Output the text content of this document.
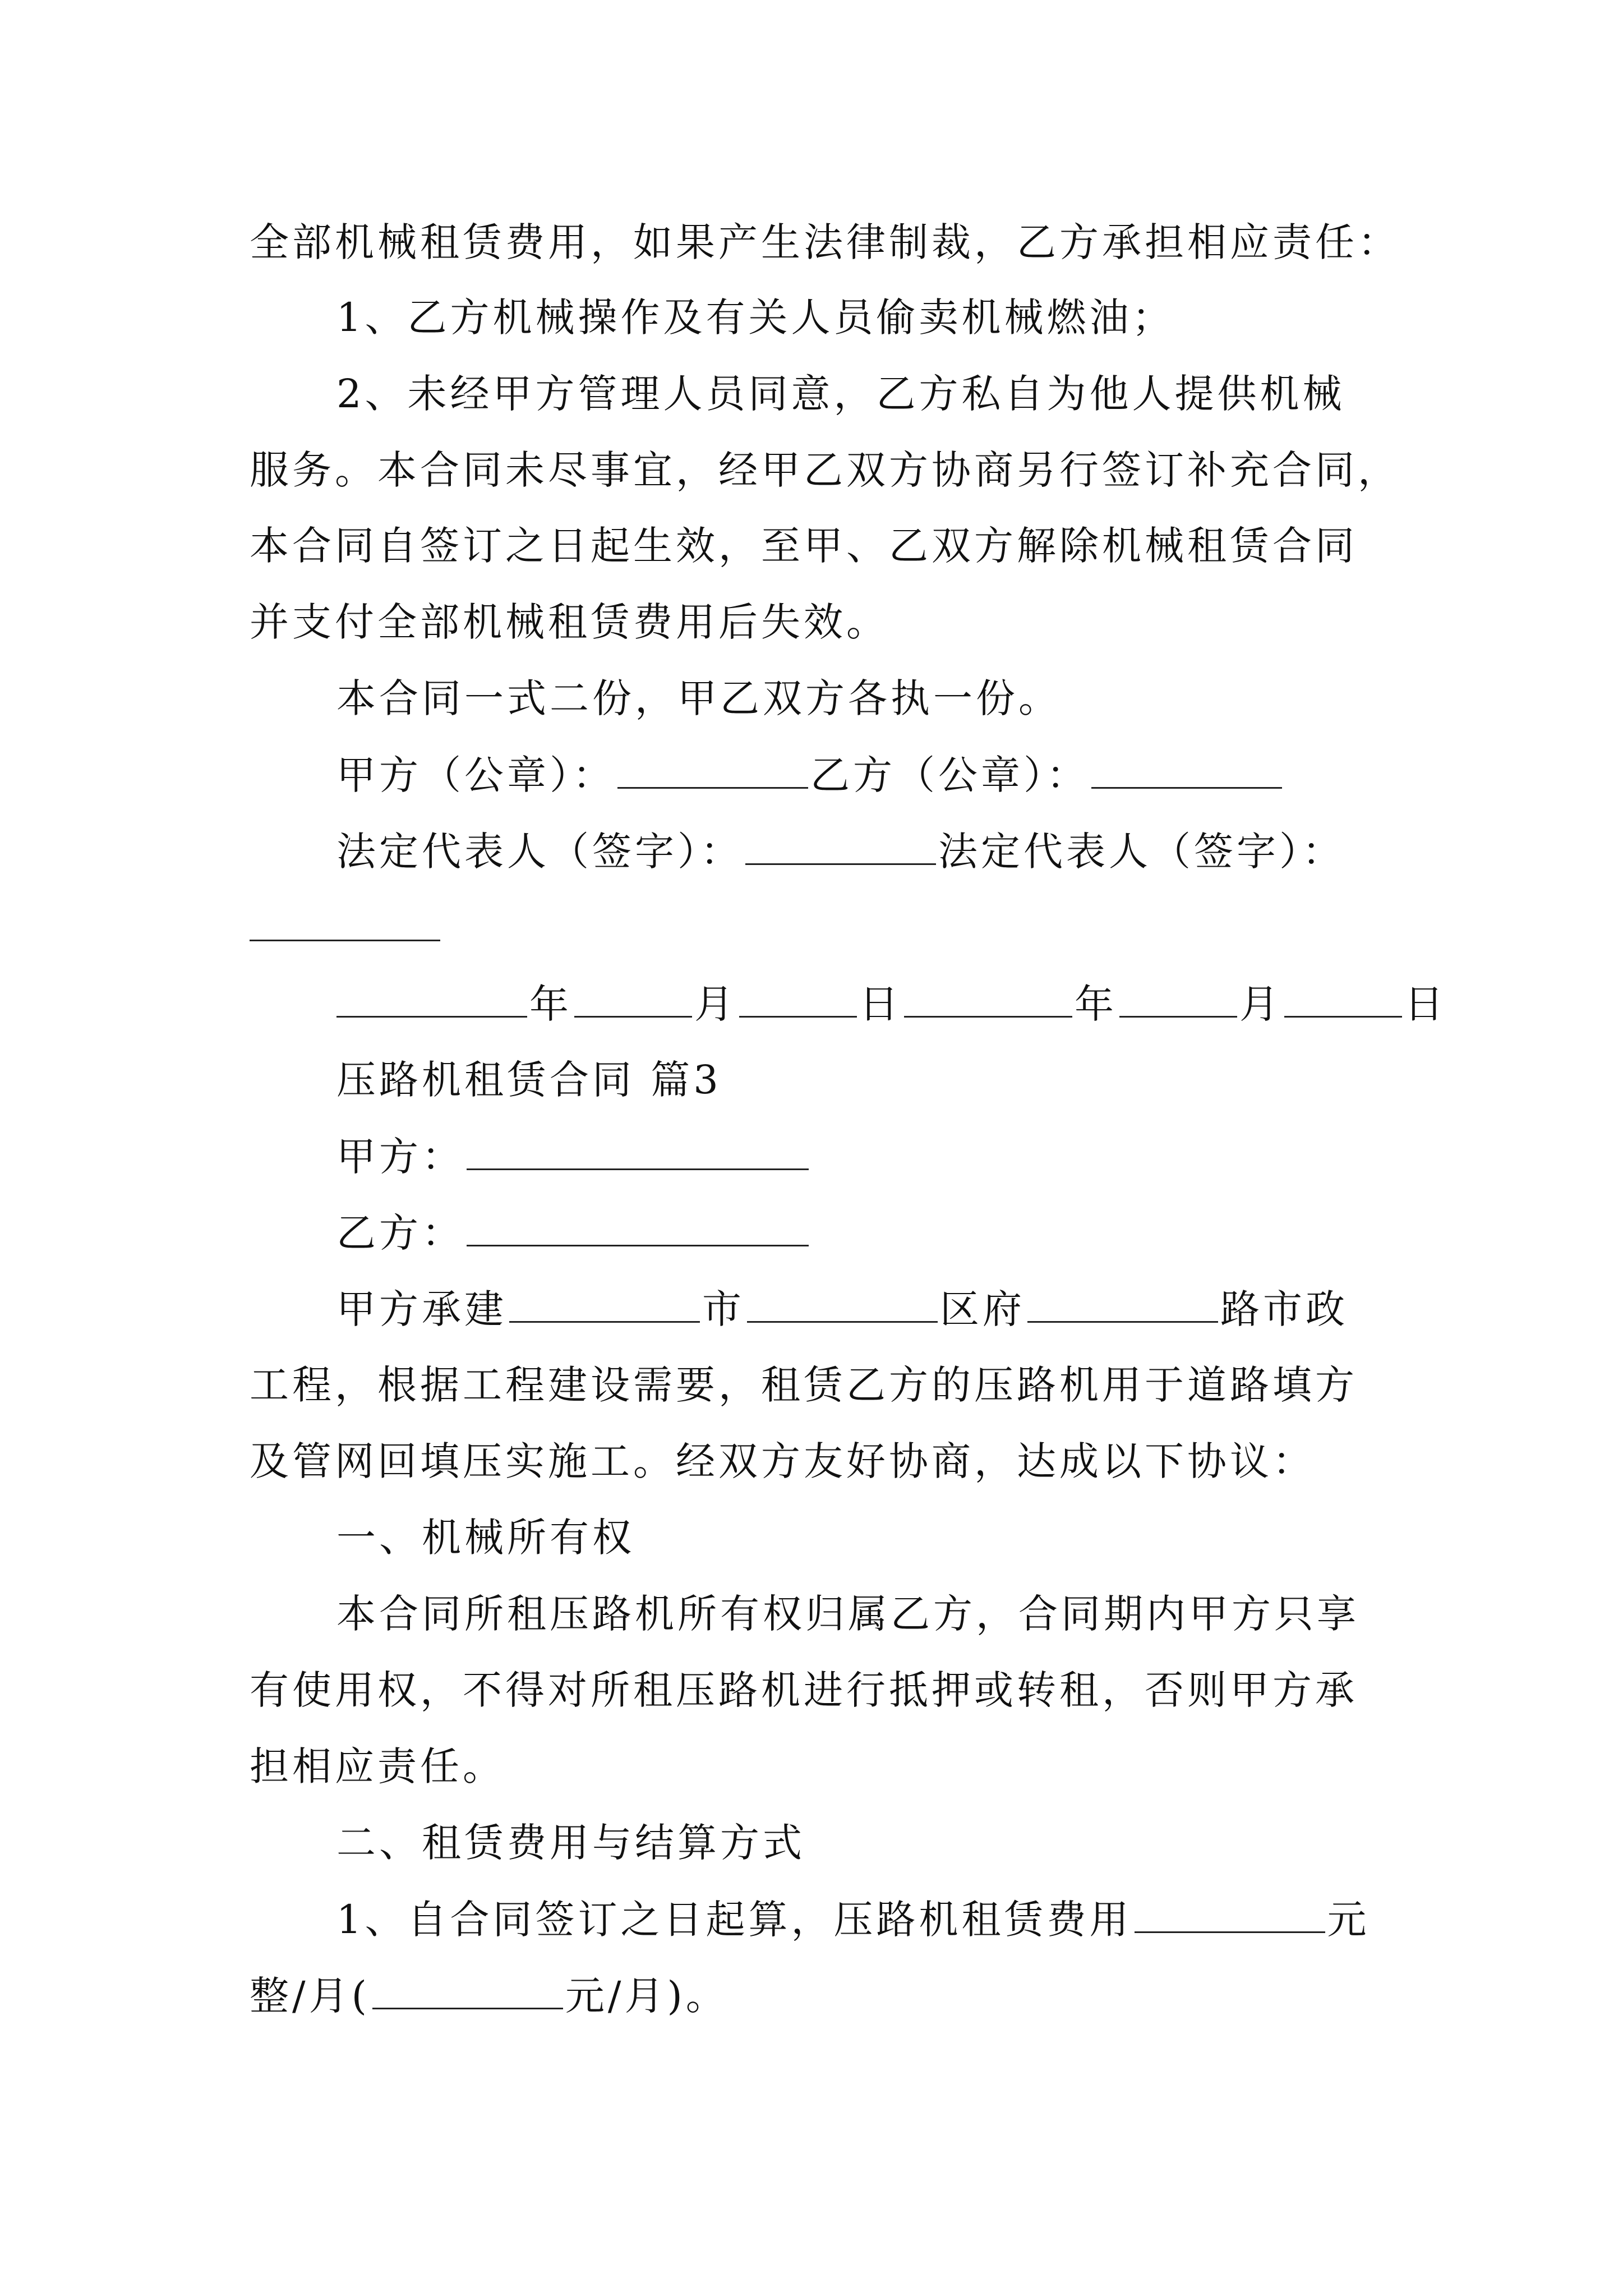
全部机械租赁费用，如果产生法律制裁，乙方承担相应责任：
1、乙方机械操作及有关人员偷卖机械燃油；
2、未经甲方管理人员同意，乙方私自为他人提供机械
服务。本合同未尽事宜，经甲乙双方协商另行签订补充合同，
本合同自签订之日起生效，至甲、乙双方解除机械租赁合同
并支付全部机械租赁费用后失效。
本合同一式二份，甲乙双方各执一份。
甲方（公章）：	乙方（公章）：
法定代表人（签字）：	法定代表人（签字）：
年	月	日	年	月	日
压路机租赁合同 篇3
甲方：
乙方：
甲方承建	市	区府	路市政
工程，根据工程建设需要，租赁乙方的压路机用于道路填方
及管网回填压实施工。经双方友好协商，达成以下协议：
一、机械所有权
本合同所租压路机所有权归属乙方，合同期内甲方只享
有使用权，不得对所租压路机进行抵押或转租，否则甲方承
担相应责任。
二、租赁费用与结算方式
1、自合同签订之日起算，压路机租赁费用	元
整/月(	元/月)。
